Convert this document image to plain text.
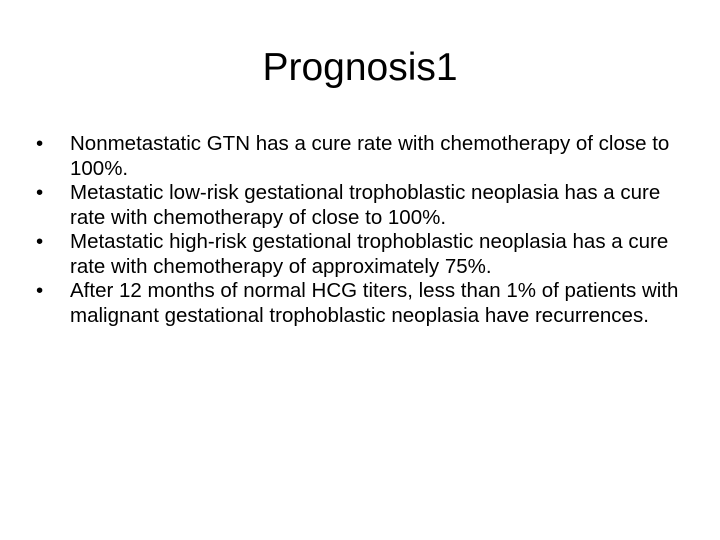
Prognosis1
•	Nonmetastatic GTN has a cure rate with chemotherapy of close to 100%.
•	Metastatic low-risk gestational trophoblastic neoplasia has a cure rate with chemotherapy of close to 100%.
•	Metastatic high-risk gestational trophoblastic neoplasia has a cure rate with chemotherapy of approximately 75%.
•	After 12 months of normal HCG titers, less than 1% of patients with malignant gestational trophoblastic neoplasia have recurrences.
